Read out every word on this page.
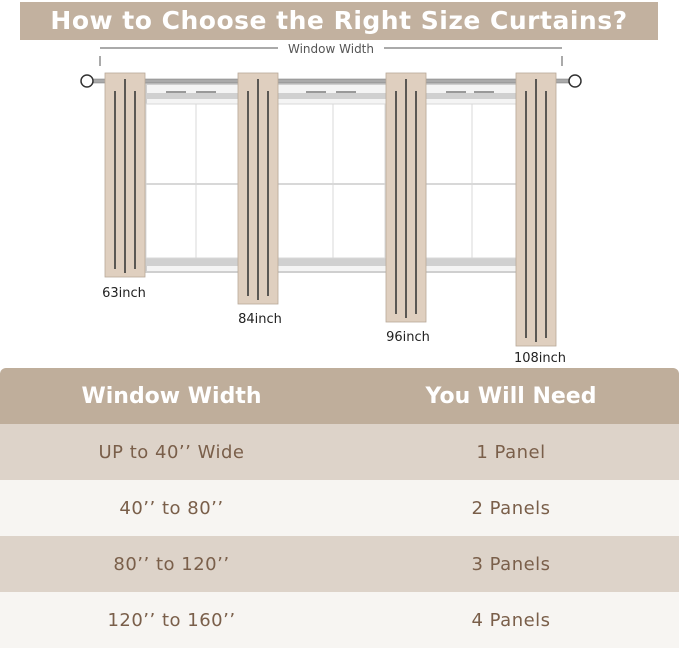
How to Choose the Right Size Curtains?
Window Width
63inch
84inch
96inch
108inch
Window Width	You Will Need
UP to 40’’ Wide	1 Panel
40’’ to 80’’	2 Panels
80’’ to 120’’	3 Panels
120’’ to 160’’	4 Panels
